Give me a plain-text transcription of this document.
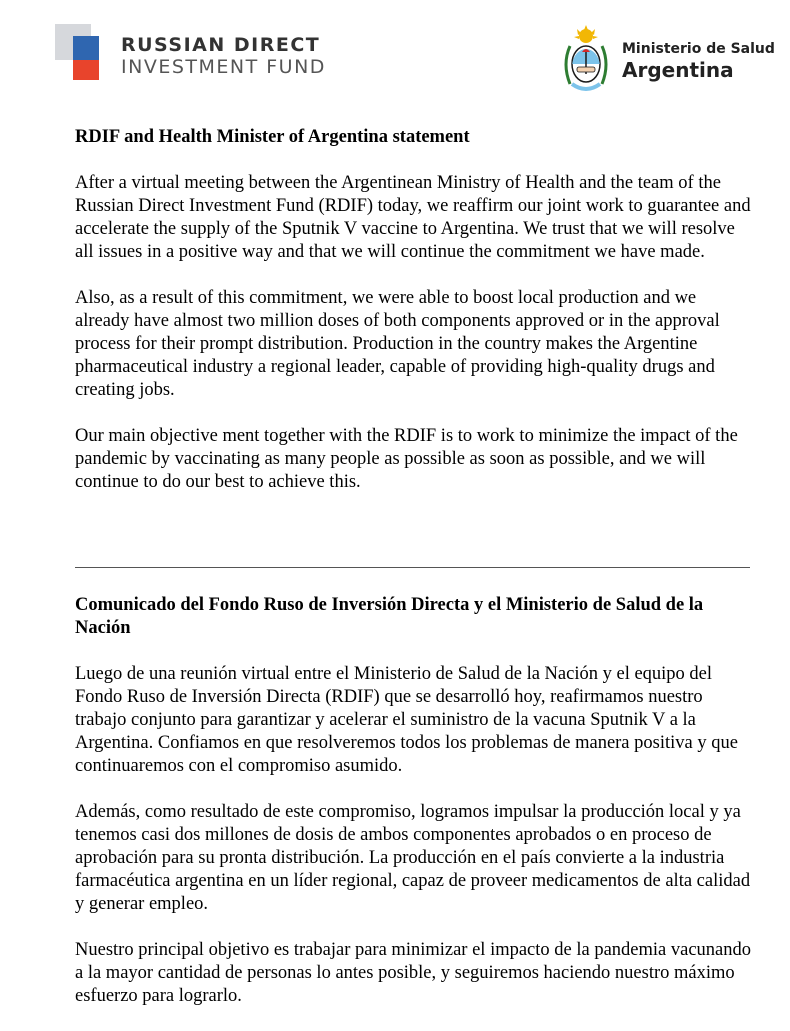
RUSSIAN DIRECT
INVESTMENT FUND
Ministerio de Salud
Argentina
RDIF and Health Minister of Argentina statement

After a virtual meeting between the Argentinean Ministry of Health and the team of the Russian Direct Investment Fund (RDIF) today, we reaffirm our joint work to guarantee and accelerate the supply of the Sputnik V vaccine to Argentina. We trust that we will resolve all issues in a positive way and that we will continue the commitment we have made.

Also, as a result of this commitment, we were able to boost local production and we already have almost two million doses of both components approved or in the approval process for their prompt distribution. Production in the country makes the Argentine pharmaceutical industry a regional leader, capable of providing high-quality drugs and creating jobs.

Our main objective ment together with the RDIF is to work to minimize the impact of the pandemic by vaccinating as many people as possible as soon as possible, and we will continue to do our best to achieve this.

Comunicado del Fondo Ruso de Inversión Directa y el Ministerio de Salud de la Nación

Luego de una reunión virtual entre el Ministerio de Salud de la Nación y el equipo del Fondo Ruso de Inversión Directa (RDIF) que se desarrolló hoy, reafirmamos nuestro trabajo conjunto para garantizar y acelerar el suministro de la vacuna Sputnik V a la Argentina. Confiamos en que resolveremos todos los problemas de manera positiva y que continuaremos con el compromiso asumido.

Además, como resultado de este compromiso, logramos impulsar la producción local y ya tenemos casi dos millones de dosis de ambos componentes aprobados o en proceso de aprobación para su pronta distribución. La producción en el país convierte a la industria farmacéutica argentina en un líder regional, capaz de proveer medicamentos de alta calidad y generar empleo.

Nuestro principal objetivo es trabajar para minimizar el impacto de la pandemia vacunando a la mayor cantidad de personas lo antes posible, y seguiremos haciendo nuestro máximo esfuerzo para lograrlo.
